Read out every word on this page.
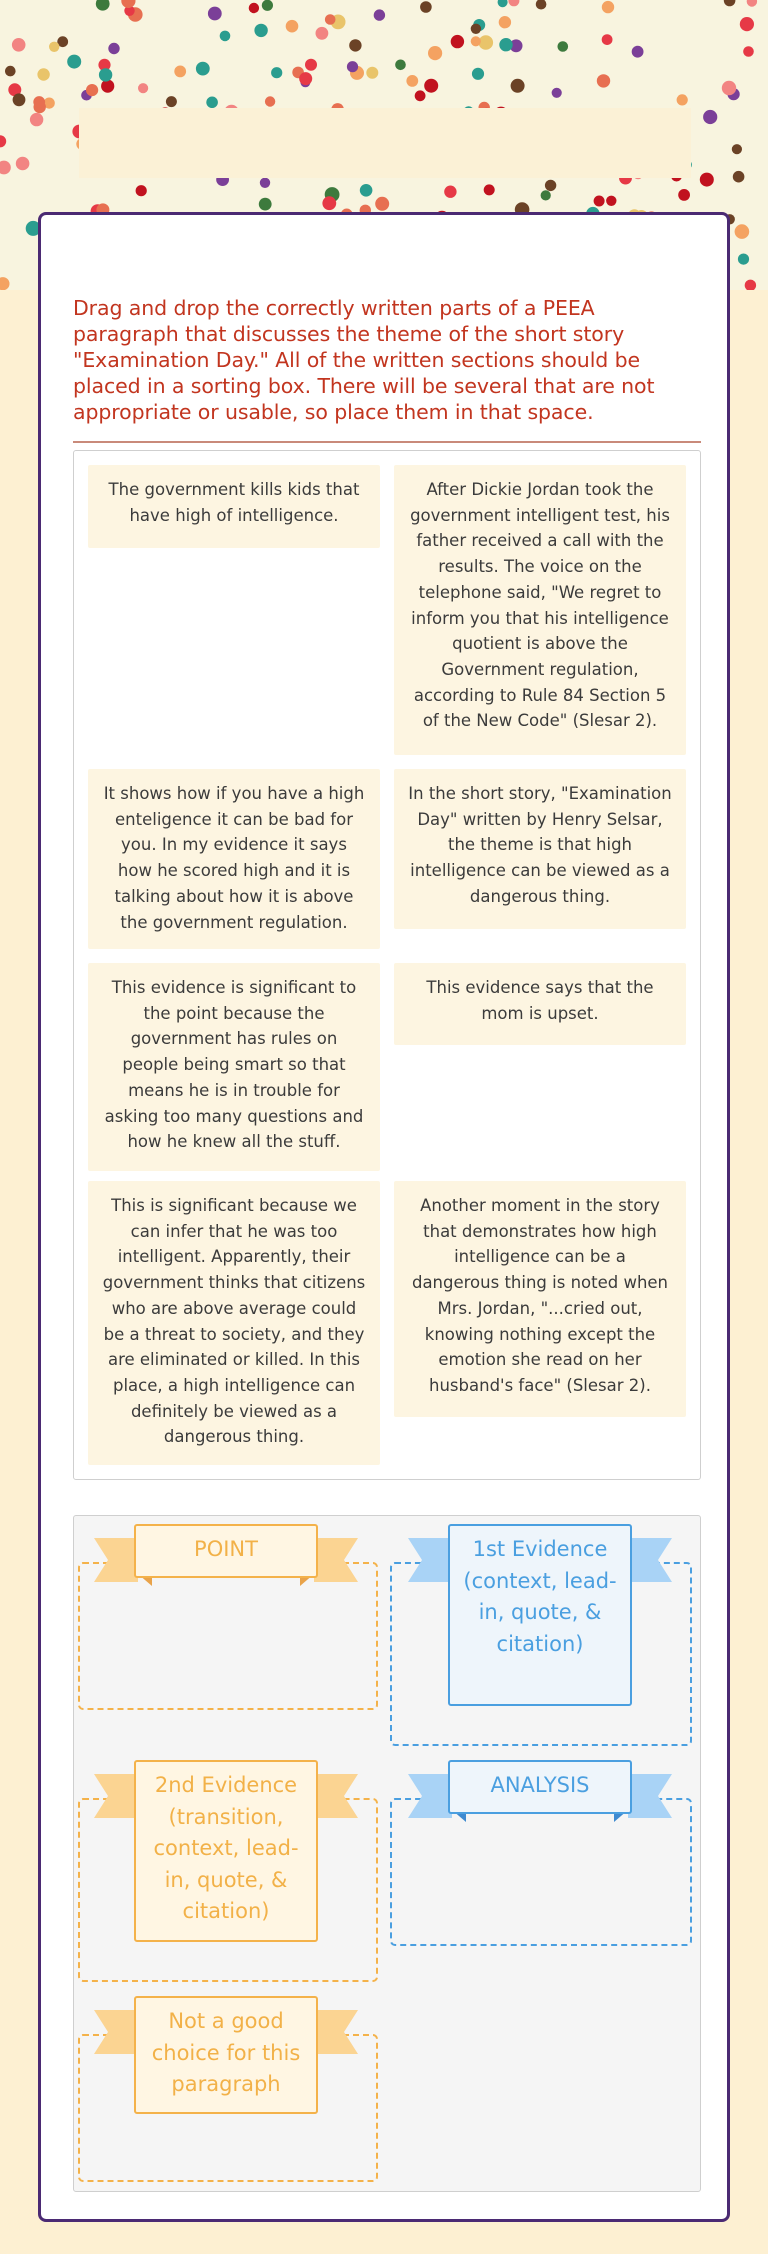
Drag and drop the correctly written parts of a PEEA paragraph that discusses the theme of the short story "Examination Day." All of the written sections should be placed in a sorting box. There will be several that are not appropriate or usable, so place them in that space.
The government kills kids that have high of intelligence.
After Dickie Jordan took the government intelligent test, his father received a call with the results. The voice on the telephone said, "We regret to inform you that his intelligence quotient is above the Government regulation, according to Rule 84 Section 5 of the New Code" (Slesar 2).
It shows how if you have a high enteligence it can be bad for you. In my evidence it says how he scored high and it is talking about how it is above the government regulation.
In the short story, "Examination Day" written by Henry Selsar, the theme is that high intelligence can be viewed as a dangerous thing.
This evidence is significant to the point because the government has rules on people being smart so that means he is in trouble for asking too many questions and how he knew all the stuff.
This evidence says that the mom is upset.
This is significant because we can infer that he was too intelligent. Apparently, their government thinks that citizens who are above average could be a threat to society, and they are eliminated or killed. In this place, a high intelligence can definitely be viewed as a dangerous thing.
Another moment in the story that demonstrates how high intelligence can be a dangerous thing is noted when Mrs. Jordan, "...cried out, knowing nothing except the emotion she read on her husband's face" (Slesar 2).
POINT	1st Evidence (context, lead-in, quote, & citation)
2nd Evidence (transition, context, lead-in, quote, & citation)
ANALYSIS
Not a good choice for this paragraph
